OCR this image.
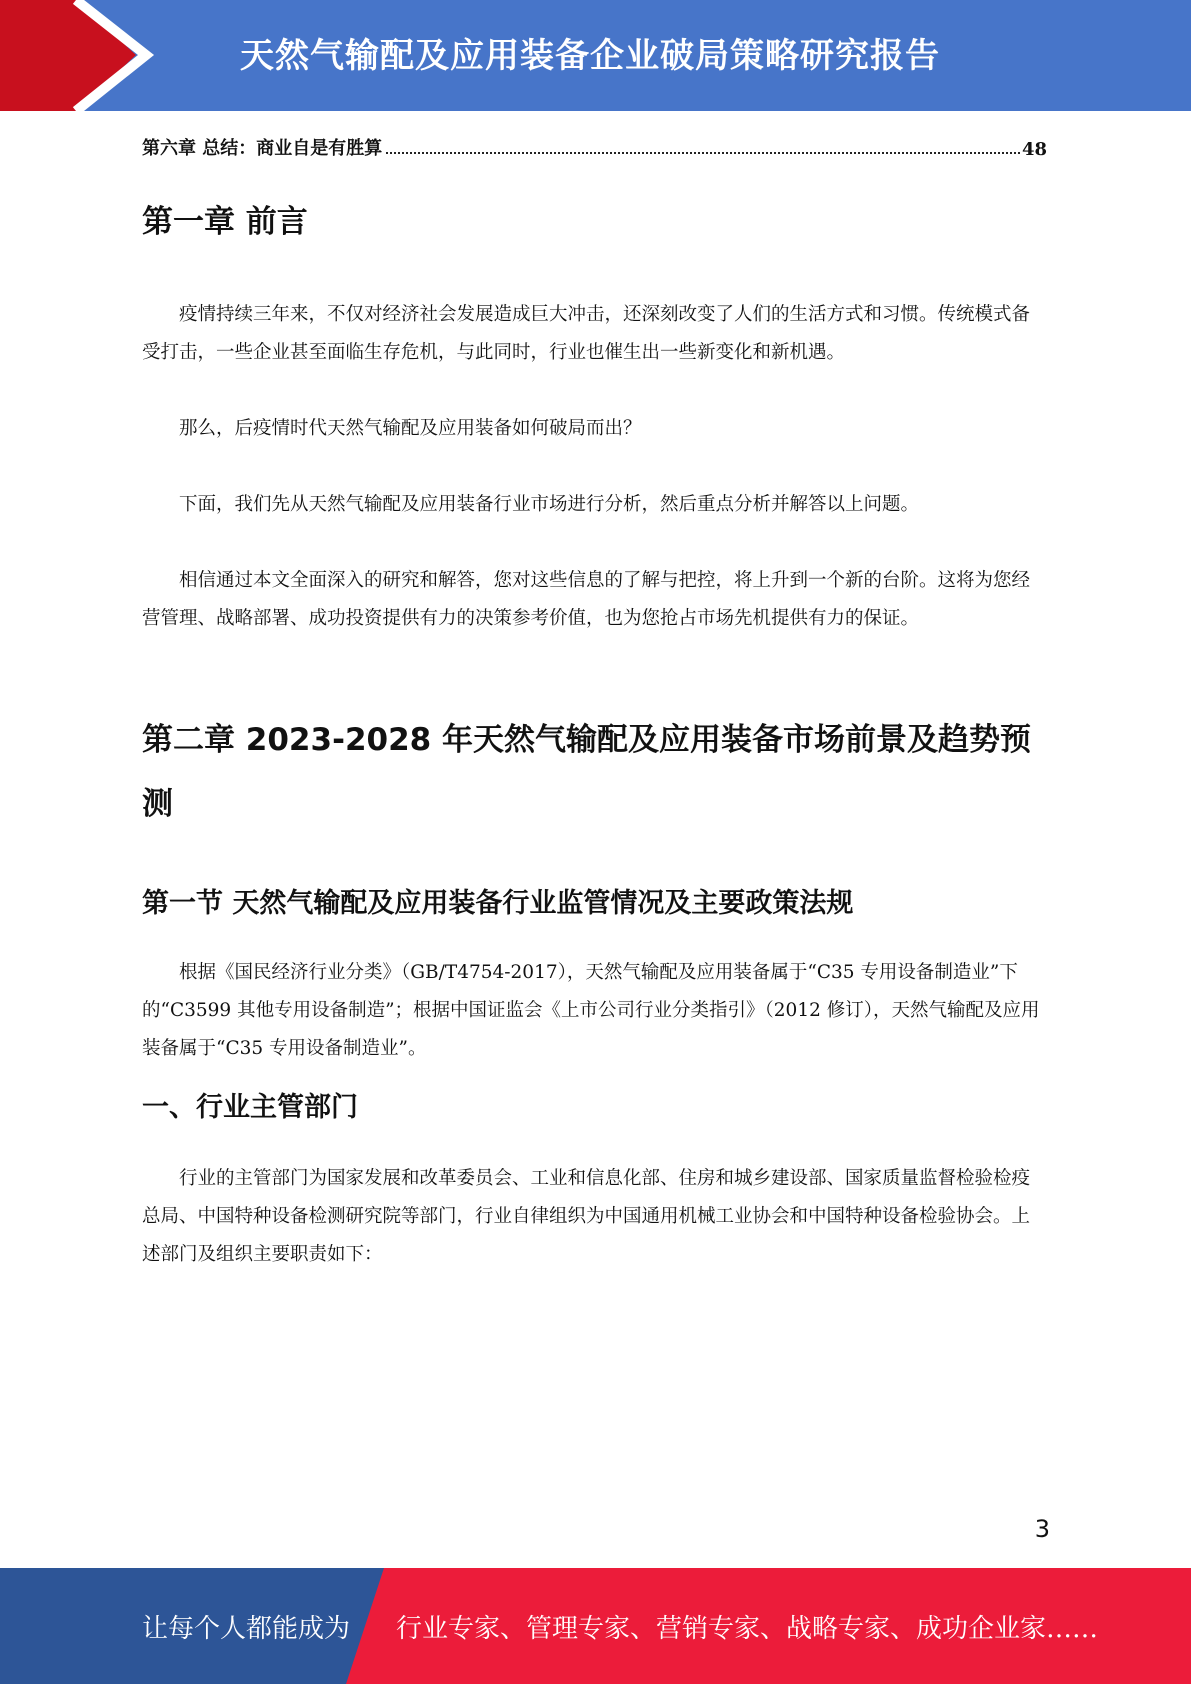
天然气输配及应用装备企业破局策略研究报告
第六章 总结：商业自是有胜算	48
第一章 前言

疫情持续三年来，不仅对经济社会发展造成巨大冲击，还深刻改变了人们的生活方式和习惯。传统模式备受打击，一些企业甚至面临生存危机，与此同时，行业也催生出一些新变化和新机遇。

那么，后疫情时代天然气输配及应用装备如何破局而出？

下面，我们先从天然气输配及应用装备行业市场进行分析，然后重点分析并解答以上问题。

相信通过本文全面深入的研究和解答，您对这些信息的了解与把控，将上升到一个新的台阶。这将为您经营管理、战略部署、成功投资提供有力的决策参考价值，也为您抢占市场先机提供有力的保证。

第二章 2023-2028 年天然气输配及应用装备市场前景及趋势预测
第一节 天然气输配及应用装备行业监管情况及主要政策法规

根据《国民经济行业分类》（GB/T4754-2017），天然气输配及应用装备属于“C35 专用设备制造业”下的“C3599 其他专用设备制造”；根据中国证监会《上市公司行业分类指引》（2012 修订），天然气输配及应用装备属于“C35 专用设备制造业”。

一、行业主管部门

行业的主管部门为国家发展和改革委员会、工业和信息化部、住房和城乡建设部、国家质量监督检验检疫总局、中国特种设备检测研究院等部门，行业自律组织为中国通用机械工业协会和中国特种设备检验协会。上述部门及组织主要职责如下：

3
让每个人都能成为 行业专家、管理专家、营销专家、战略专家、成功企业家……
